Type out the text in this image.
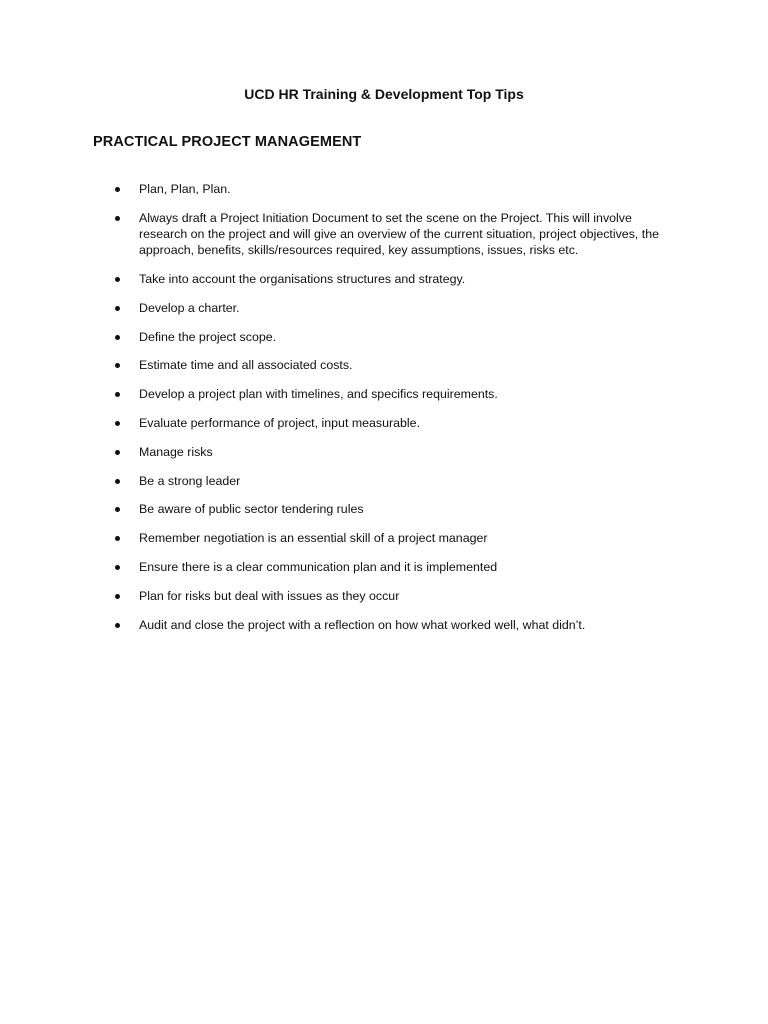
UCD HR Training & Development Top Tips
PRACTICAL PROJECT MANAGEMENT
Plan, Plan, Plan.
Always draft a Project Initiation Document to set the scene on the Project. This will involve research on the project and will give an overview of the current situation, project objectives, the approach, benefits, skills/resources required, key assumptions, issues, risks etc.
Take into account the organisations structures and strategy.
Develop a charter.
Define the project scope.
Estimate time and all associated costs.
Develop a project plan with timelines, and specifics requirements.
Evaluate performance of project, input measurable.
Manage risks
Be a strong leader
Be aware of public sector tendering rules
Remember negotiation is an essential skill of a project manager
Ensure there is a clear communication plan and it is implemented
Plan for risks but deal with issues as they occur
Audit and close the project with a reflection on how what worked well, what didn’t.
